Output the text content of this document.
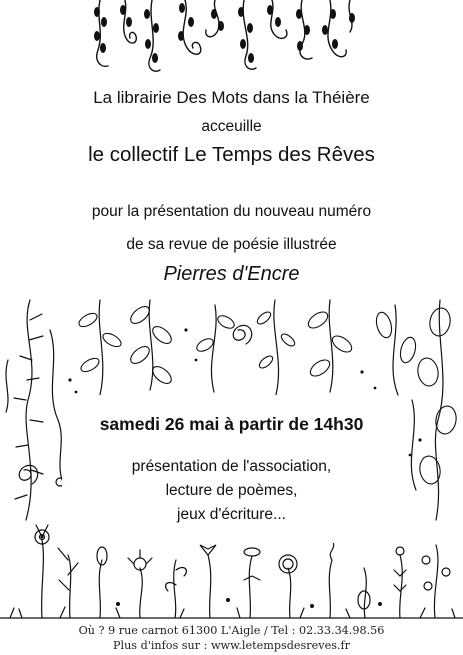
La librairie Des Mots dans la Théière
acceuille
le collectif Le Temps des Rêves
pour la présentation du nouveau numéro
de sa revue de poésie illustrée
Pierres d'Encre
samedi 26 mai à partir de 14h30
présentation de l'association,
lecture de poèmes,
jeux d'écriture...
Où ? 9 rue carnot 61300 L'Aigle / Tel : 02.33.34.98.56
Plus d'infos sur : www.letempsdesreves.fr
